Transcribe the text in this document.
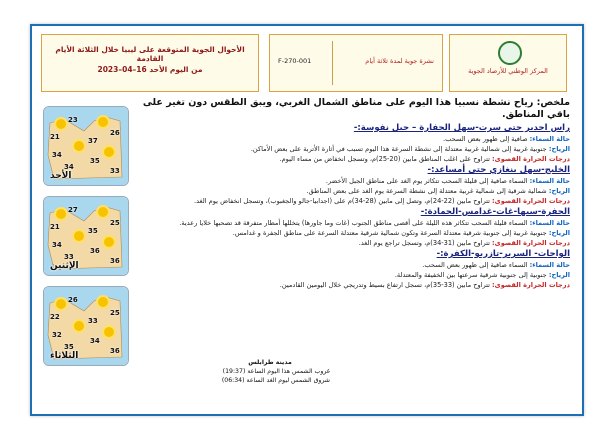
المركز الوطني للأرصاد الجوية
نشرة جوية لمدة ثلاثة أيام
F-270-001
الأحوال الجوية المتوقعة على ليبيا خلال الثلاثة الأيام القادمة
من اليوم الأحد 16–04–2023
23
21	26
34
37
35
34	33
الأحد
27
21	25
34
35
36
33	36
الإثنين
26
22	25
32
33
34
35	36
الثلاثاء
ملخص: رياح نشطة نسبيا هذا اليوم على مناطق الشمال الغربي، ويبق الطقس دون تغير على باقي المناطق.
راس اجدير حتى سرت-سهل الجفارة – جبل نفوسة:-
حالة السماء: صافية إلى ظهور بعض السحب.
الرياح: جنوبية غربية إلى شمالية غربية معتدلة إلى نشطة السرعة هذا اليوم تسبب في أثارة الأتربة على بعض الأماكن.
درجات الحرارة القصوى: تتراوح على اغلب المناطق مابين (20-25)م، وتسجل انخفاض من مساء اليوم.
الخليج-سهل بنغازي حتى أمساعد:-
حالة السماء: السماء صافية إلى قليلة السحب تتكاثر يوم الغد على مناطق الجبل الأخضر.
الرياح: شمالية شرقية إلى شمالية غربية معتدلة إلى نشطة السرعة يوم الغد على بعض المناطق.
درجات الحرارة القصوى: تتراوح مابين (22-24)م، وتصل إلى مابين (28-34)م على (اجدابيا-جالو والجغبوب)، وتسجل انخفاض يوم الغد.
الجفرة-سبها-غات-غدامس-الحمادة:-
حالة السماء: السماء قليلة السحب تتكاثر هذه الليلة على أقصى مناطق الجنوب (غات وما جاورها) يتخللها أمطار متفرقة قد تصحبها خلايا رعدية.
الرياح: جنوبية غربية إلى جنوبية شرقية معتدلة السرعة وتكون شمالية شرقية معتدلة السرعة على مناطق الجفرة و غدامس.
درجات الحرارة القصوى: تتراوح مابين (31-34)م، وتسجل تراجع يوم الغد.
الواحات- السرير-تازربو-الكفرة:-
حالة السماء: السماء صافية إلى ظهور بعض السحب.
الرياح: جنوبية إلى جنوبية شرقية سرعتها بين الخفيفة والمعتدلة.
درجات الحرارة القصوى: تتراوح مابين (33-35)م، تسجل ارتفاع بسيط وتدريجي خلال اليومين القادمين.
مدينة طرابلس
غروب الشمس هذا اليوم الساعة (19:37)
شروق الشمس ليوم الغد الساعة (06:34)
